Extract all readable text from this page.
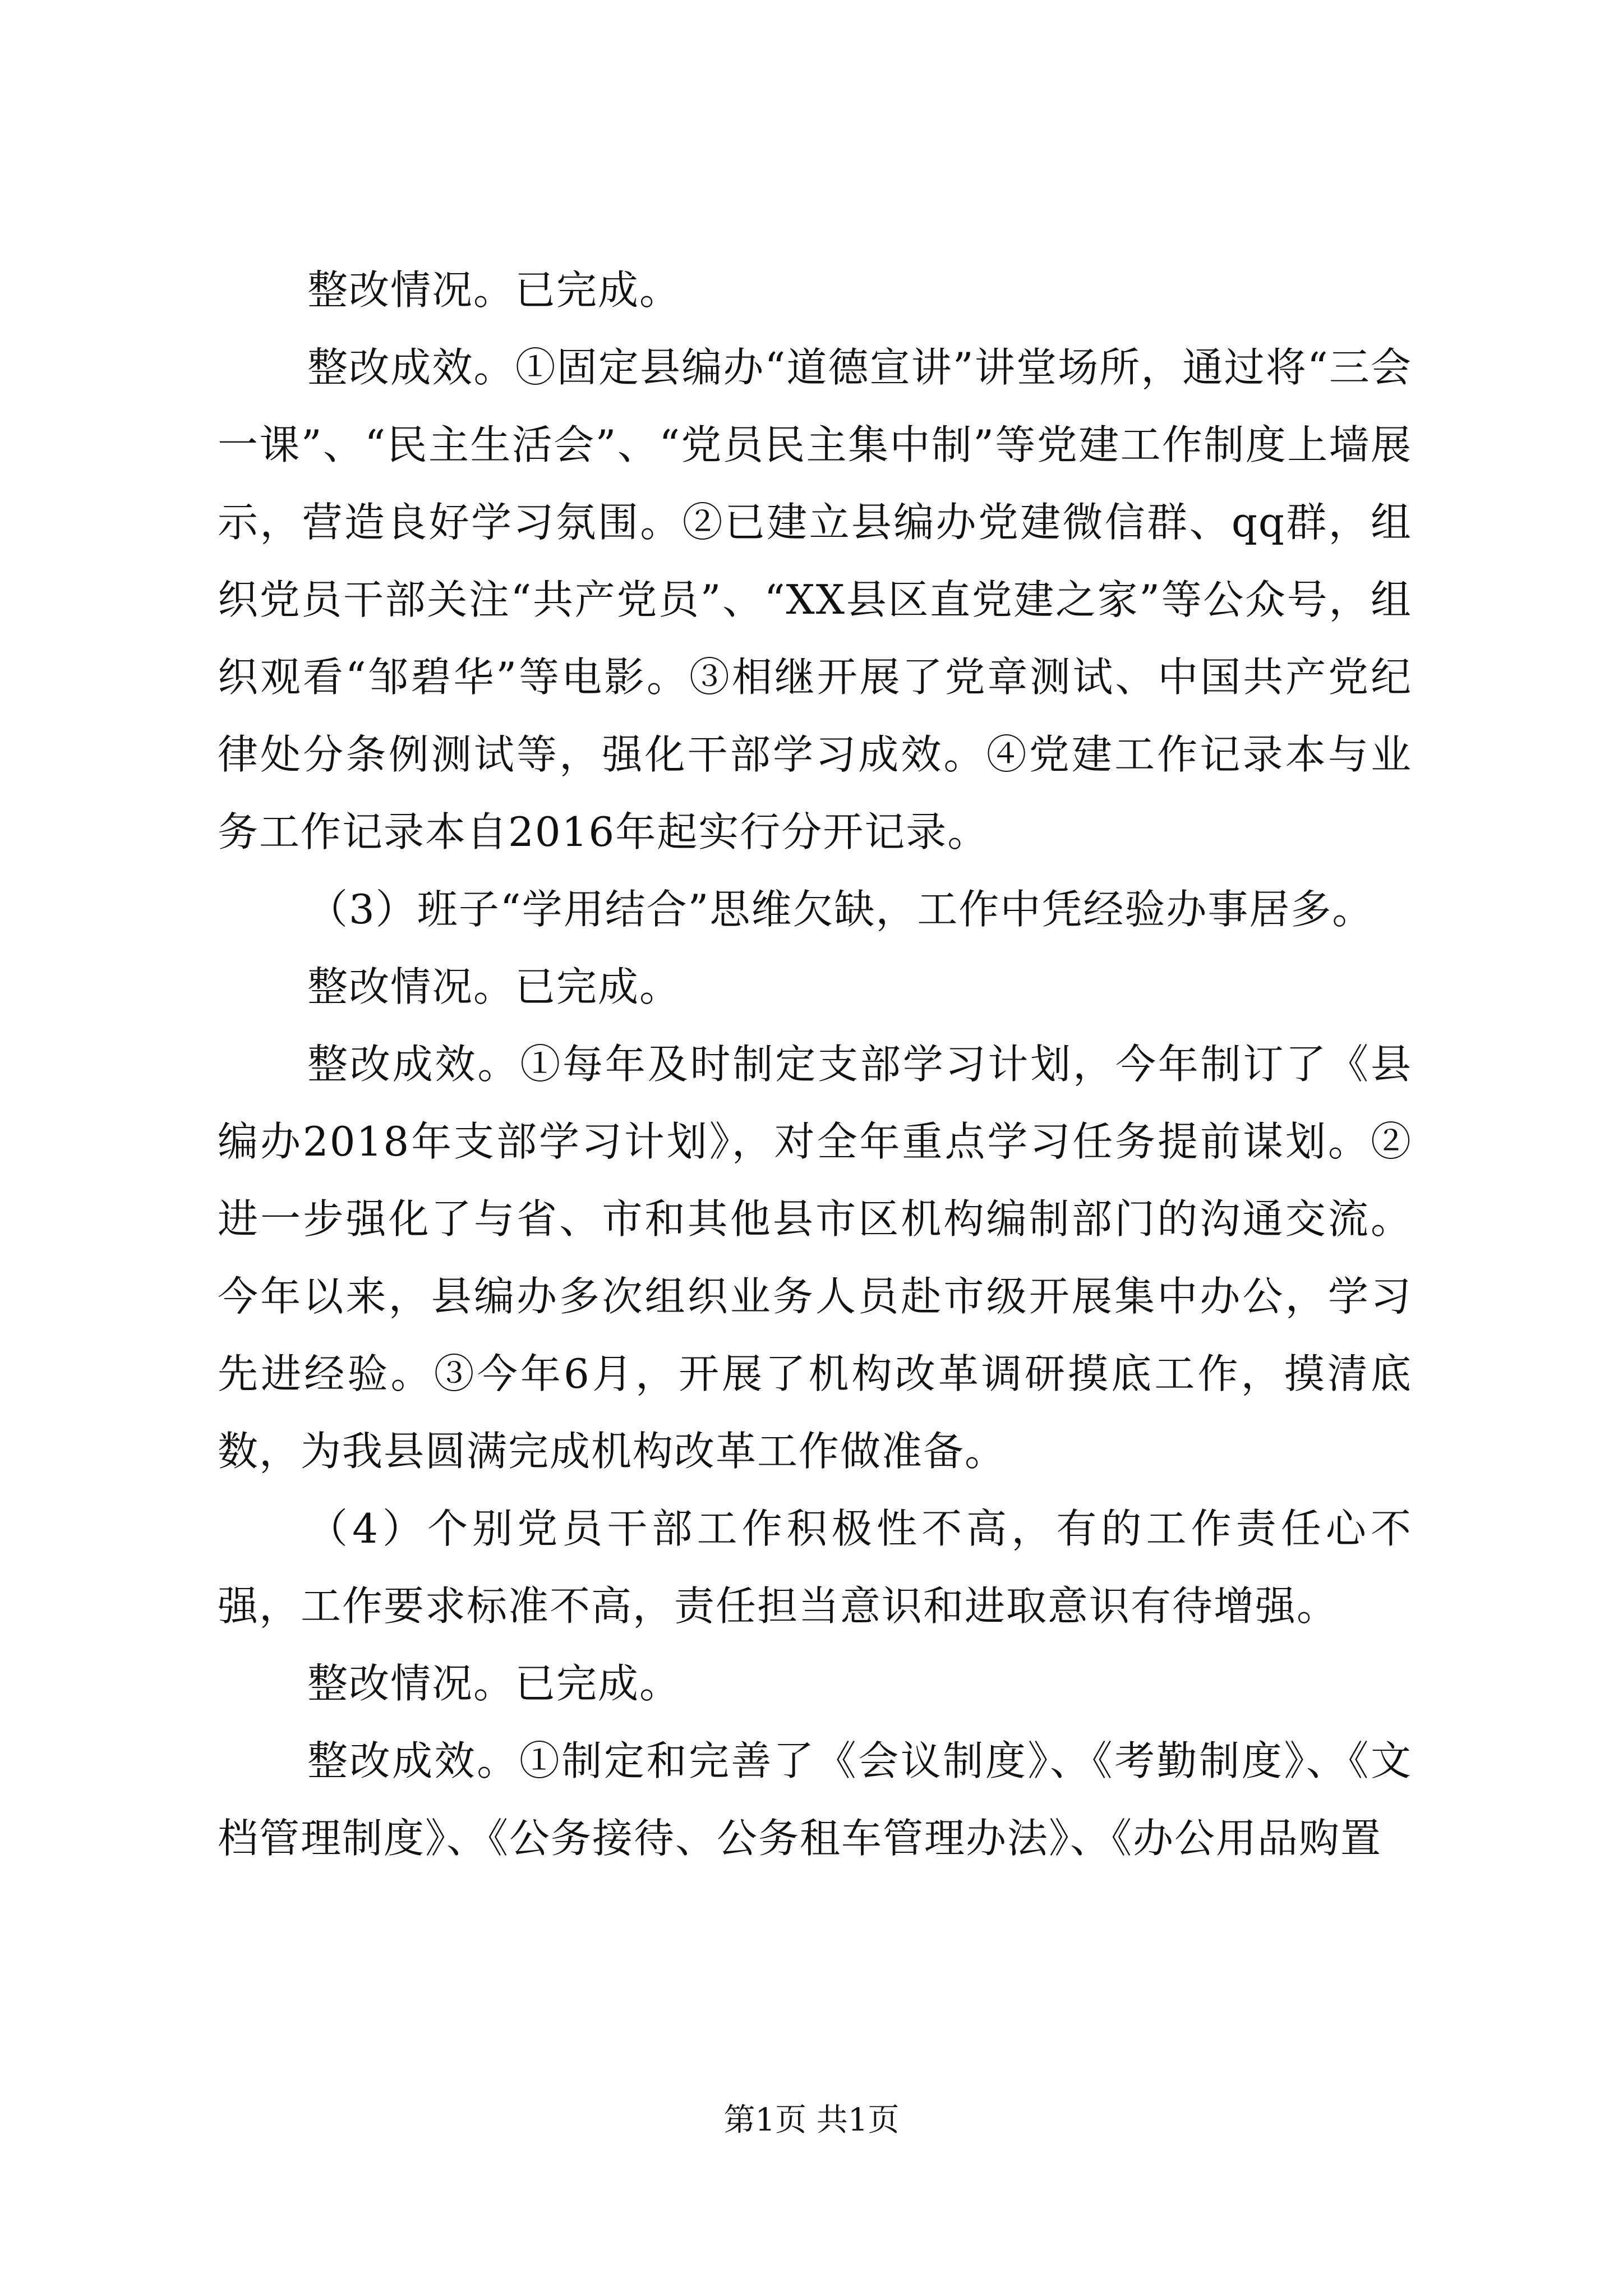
整改情况。已完成。

整改成效。①固定县编办“道德宣讲”讲堂场所，通过将“三会一课”、“民主生活会”、“党员民主集中制”等党建工作制度上墙展示，营造良好学习氛围。②已建立县编办党建微信群、qq群，组织党员干部关注“共产党员”、“XX县区直党建之家”等公众号，组织观看“邹碧华”等电影。③相继开展了党章测试、中国共产党纪律处分条例测试等，强化干部学习成效。④党建工作记录本与业务工作记录本自2016年起实行分开记录。

（3）班子“学用结合”思维欠缺，工作中凭经验办事居多。

整改情况。已完成。

整改成效。①每年及时制定支部学习计划，今年制订了《县编办2018年支部学习计划》，对全年重点学习任务提前谋划。②进一步强化了与省、市和其他县市区机构编制部门的沟通交流。今年以来，县编办多次组织业务人员赴市级开展集中办公，学习先进经验。③今年6月，开展了机构改革调研摸底工作，摸清底数，为我县圆满完成机构改革工作做准备。

（4）个别党员干部工作积极性不高，有的工作责任心不强，工作要求标准不高，责任担当意识和进取意识有待增强。

整改情况。已完成。

整改成效。①制定和完善了《会议制度》、《考勤制度》、《文档管理制度》、《公务接待、公务租车管理办法》、《办公用品购置

第1页 共1页
